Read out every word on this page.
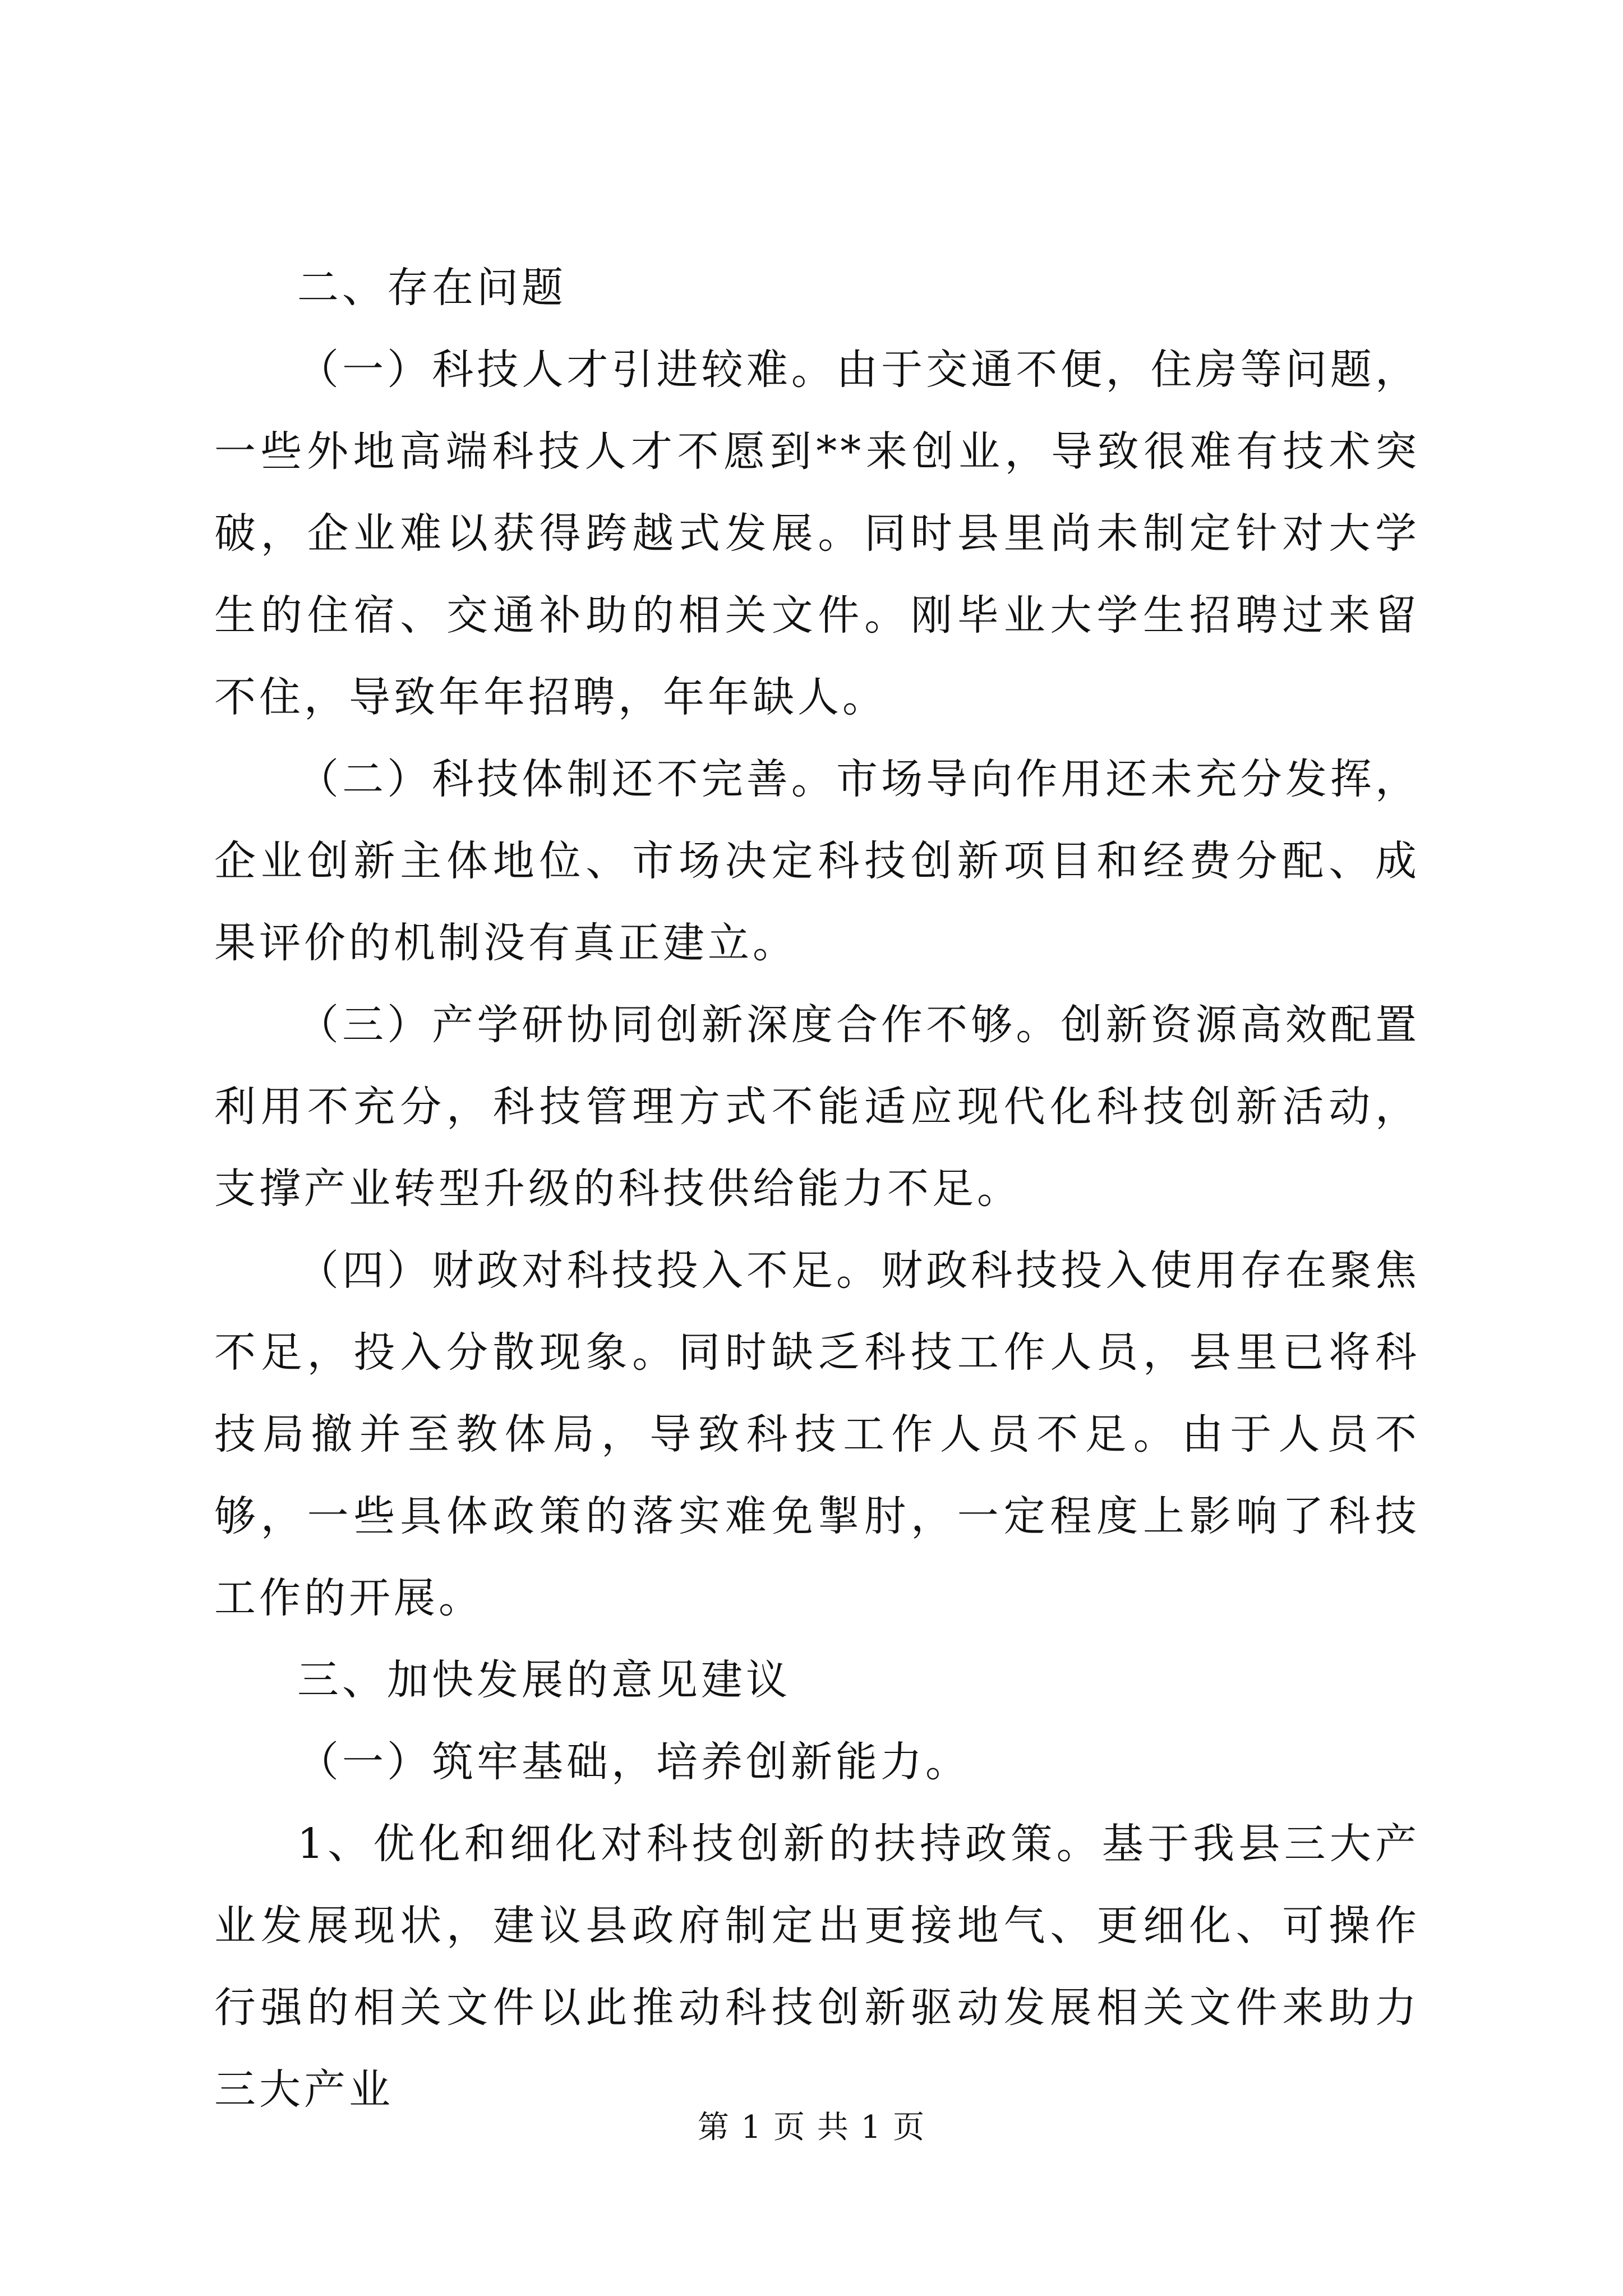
二、存在问题

（一）科技人才引进较难。由于交通不便，住房等问题，一些外地高端科技人才不愿到**来创业，导致很难有技术突破，企业难以获得跨越式发展。同时县里尚未制定针对大学生的住宿、交通补助的相关文件。刚毕业大学生招聘过来留不住，导致年年招聘，年年缺人。

（二）科技体制还不完善。市场导向作用还未充分发挥，企业创新主体地位、市场决定科技创新项目和经费分配、成果评价的机制没有真正建立。

（三）产学研协同创新深度合作不够。创新资源高效配置利用不充分，科技管理方式不能适应现代化科技创新活动，支撑产业转型升级的科技供给能力不足。

（四）财政对科技投入不足。财政科技投入使用存在聚焦不足，投入分散现象。同时缺乏科技工作人员，县里已将科技局撤并至教体局，导致科技工作人员不足。由于人员不够，一些具体政策的落实难免掣肘，一定程度上影响了科技工作的开展。

三、加快发展的意见建议

（一）筑牢基础，培养创新能力。

1、优化和细化对科技创新的扶持政策。基于我县三大产业发展现状，建议县政府制定出更接地气、更细化、可操作行强的相关文件以此推动科技创新驱动发展相关文件来助力三大产业

第 1 页 共 1 页
